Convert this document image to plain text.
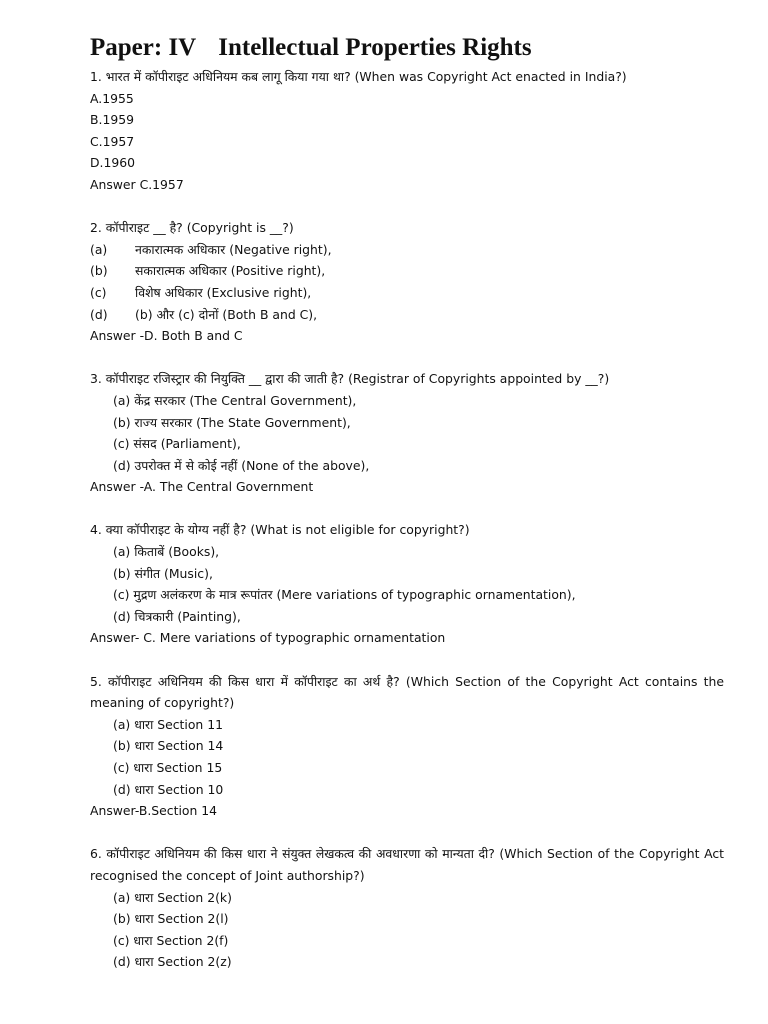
Paper: IV Intellectual Properties Rights
1. भारत में कॉपीराइट अधिनियम कब लागू किया गया था? (When was Copyright Act enacted in India?)
A.1955
B.1959
C.1957
D.1960
Answer C.1957
2. कॉपीराइट __ है? (Copyright is __?)
(a)	नकारात्मक अधिकार (Negative right),
(b)	सकारात्मक अधिकार (Positive right),
(c)	विशेष अधिकार (Exclusive right),
(d)	(b) और (c) दोनों (Both B and C),
Answer -D. Both B and C
3. कॉपीराइट रजिस्ट्रार की नियुक्ति __ द्वारा की जाती है? (Registrar of Copyrights appointed by __?)
(a) केंद्र सरकार (The Central Government),
(b) राज्य सरकार (The State Government),
(c) संसद (Parliament),
(d) उपरोक्त में से कोई नहीं (None of the above),
Answer -A. The Central Government
4. क्या कॉपीराइट के योग्य नहीं है? (What is not eligible for copyright?)
(a) किताबें (Books),
(b) संगीत (Music),
(c) मुद्रण अलंकरण के मात्र रूपांतर (Mere variations of typographic ornamentation),
(d) चित्रकारी (Painting),
Answer- C. Mere variations of typographic ornamentation
5. कॉपीराइट अधिनियम की किस धारा में कॉपीराइट का अर्थ है? (Which Section of the Copyright Act contains the meaning of copyright?)
(a) धारा Section 11
(b) धारा Section 14
(c) धारा Section 15
(d) धारा Section 10
Answer-B.Section 14
6. कॉपीराइट अधिनियम की किस धारा ने संयुक्त लेखकत्व की अवधारणा को मान्यता दी? (Which Section of the Copyright Act recognised the concept of Joint authorship?)
(a) धारा Section 2(k)
(b) धारा Section 2(l)
(c) धारा Section 2(f)
(d) धारा Section 2(z)
